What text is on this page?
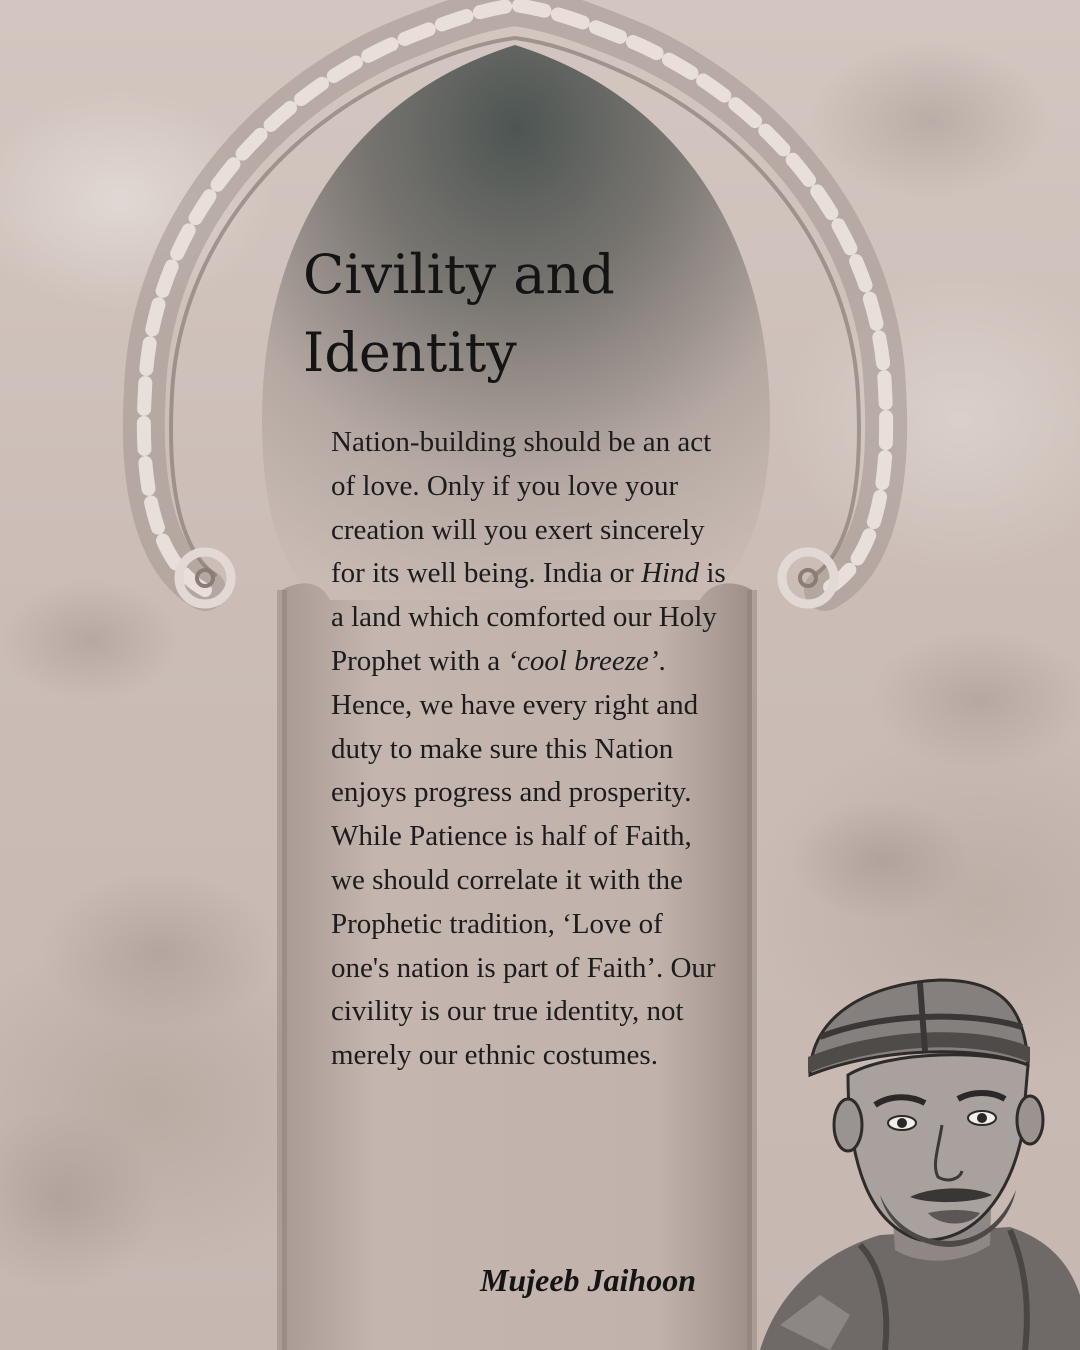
Civility and Identity

Nation-building should be an act of love. Only if you love your creation will you exert sincerely for its well being. India or Hind is a land which comforted our Holy Prophet with a ‘cool breeze’. Hence, we have every right and duty to make sure this Nation enjoys progress and prosperity. While Patience is half of Faith, we should correlate it with the Prophetic tradition, ‘Love of one's nation is part of Faith’. Our civility is our true identity, not merely our ethnic costumes.

Mujeeb Jaihoon
